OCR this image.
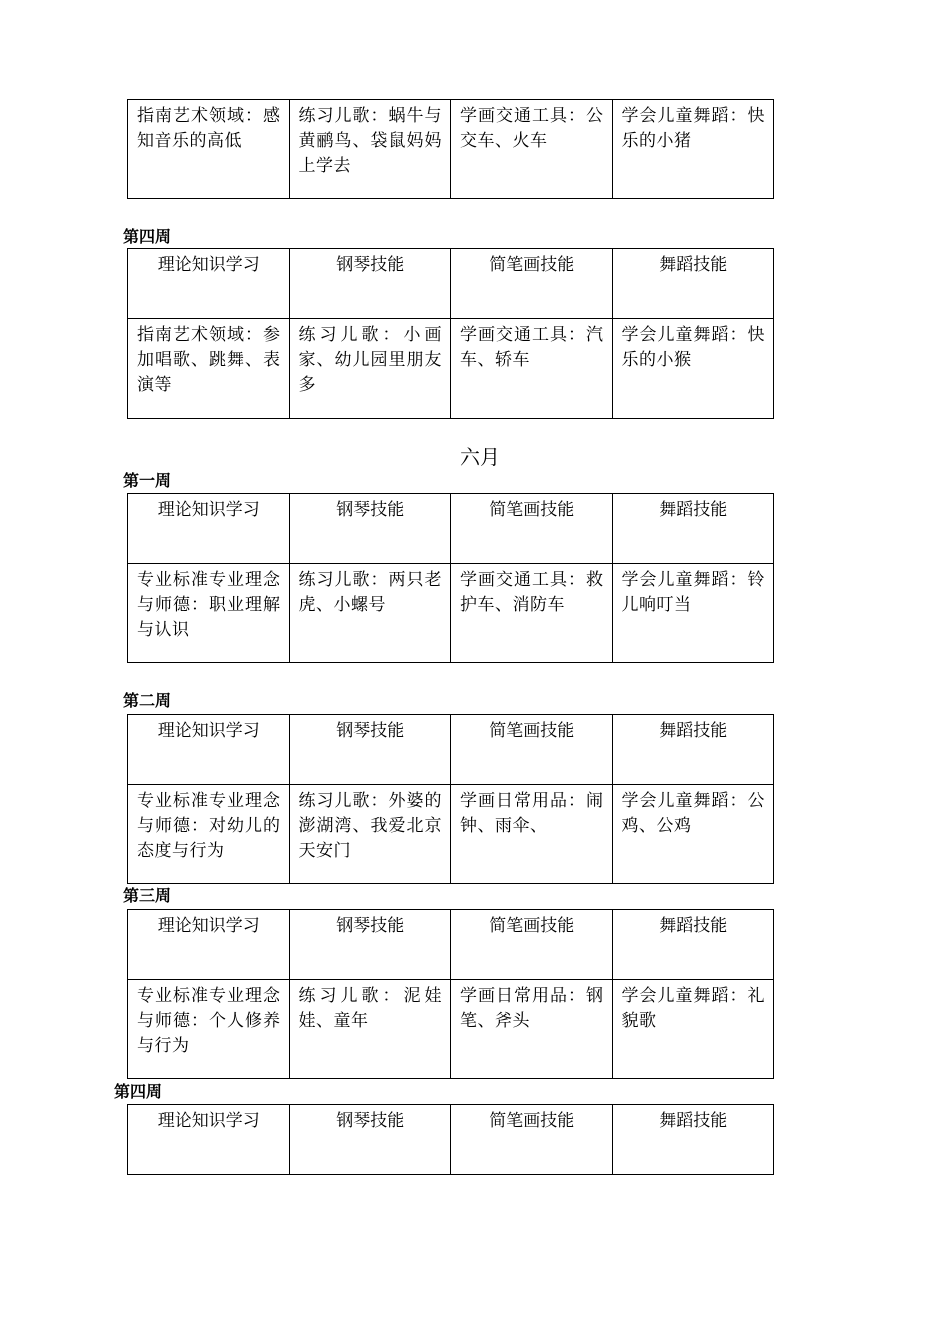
指南艺术领域：感知音乐的高低	练习儿歌：蜗牛与黄鹂鸟、袋鼠妈妈上学去	学画交通工具：公交车、火车	学会儿童舞蹈：快乐的小猪
第四周
理论知识学习	钢琴技能	简笔画技能	舞蹈技能
指南艺术领域：参加唱歌、跳舞、表演等	练习儿歌：小画家、幼儿园里朋友多	学画交通工具：汽车、轿车	学会儿童舞蹈：快乐的小猴
六月
第一周
理论知识学习	钢琴技能	简笔画技能	舞蹈技能
专业标准专业理念与师德：职业理解与认识	练习儿歌：两只老虎、小螺号	学画交通工具：救护车、消防车	学会儿童舞蹈：铃儿响叮当
第二周
理论知识学习	钢琴技能	简笔画技能	舞蹈技能
专业标准专业理念与师德：对幼儿的态度与行为	练习儿歌：外婆的澎湖湾、我爱北京天安门	学画日常用品：闹钟、雨伞、	学会儿童舞蹈：公鸡、公鸡
第三周
理论知识学习	钢琴技能	简笔画技能	舞蹈技能
专业标准专业理念与师德：个人修养与行为	练习儿歌：泥娃娃、童年	学画日常用品：钢笔、斧头	学会儿童舞蹈：礼貌歌
第四周
理论知识学习	钢琴技能	简笔画技能	舞蹈技能
